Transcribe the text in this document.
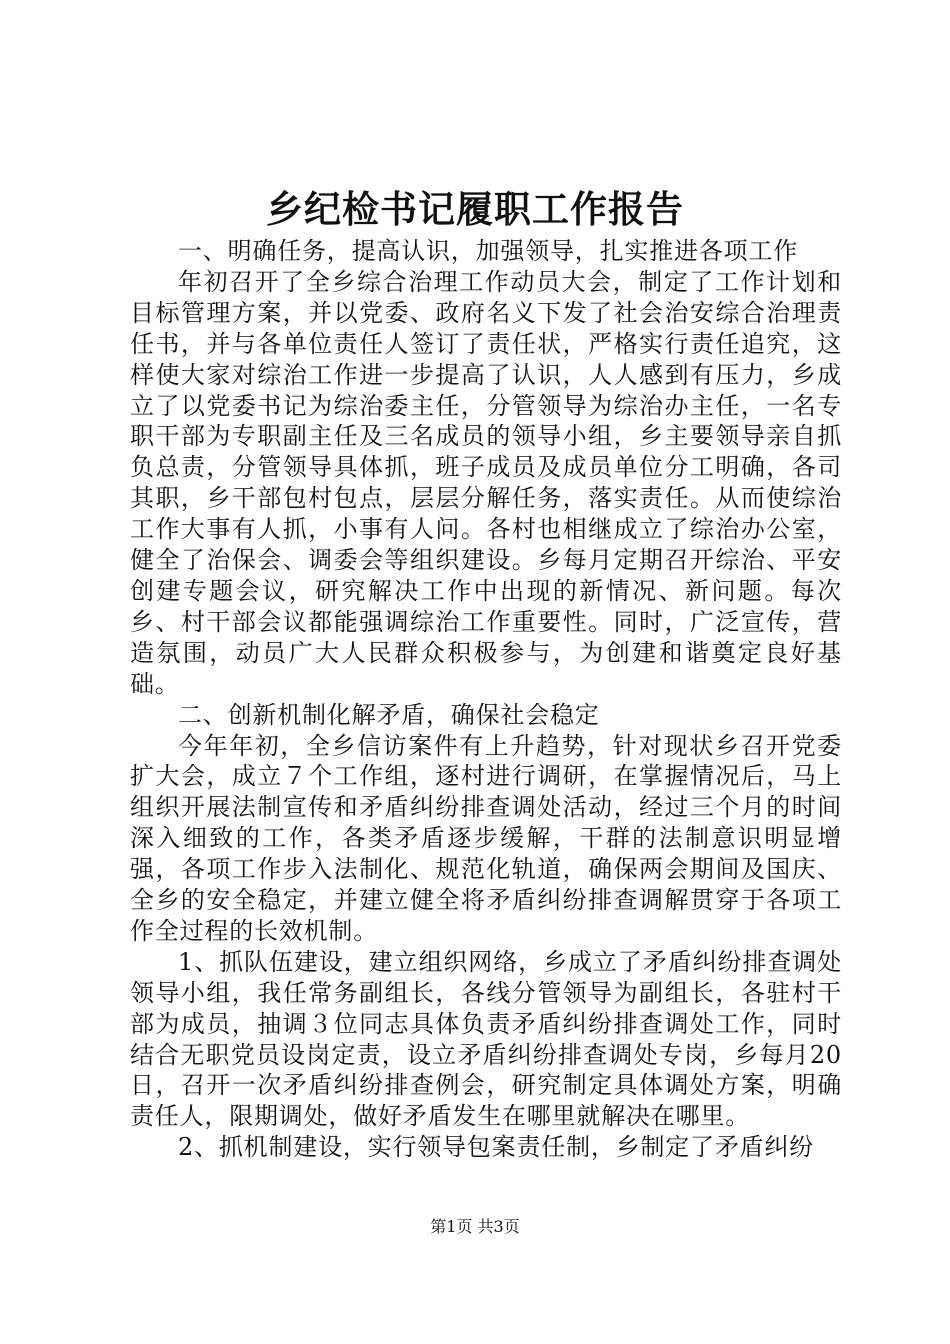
乡纪检书记履职工作报告

一、明确任务，提高认识，加强领导，扎实推进各项工作

年初召开了全乡综合治理工作动员大会，制定了工作计划和目标管理方案，并以党委、政府名义下发了社会治安综合治理责任书，并与各单位责任人签订了责任状，严格实行责任追究，这样使大家对综治工作进一步提高了认识，人人感到有压力，乡成立了以党委书记为综治委主任，分管领导为综治办主任，一名专职干部为专职副主任及三名成员的领导小组，乡主要领导亲自抓负总责，分管领导具体抓，班子成员及成员单位分工明确，各司其职，乡干部包村包点，层层分解任务，落实责任。从而使综治工作大事有人抓，小事有人问。各村也相继成立了综治办公室，健全了治保会、调委会等组织建设。乡每月定期召开综治、平安创建专题会议，研究解决工作中出现的新情况、新问题。每次乡、村干部会议都能强调综治工作重要性。同时，广泛宣传，营造氛围，动员广大人民群众积极参与，为创建和谐奠定良好基础。

二、创新机制化解矛盾，确保社会稳定

今年年初，全乡信访案件有上升趋势，针对现状乡召开党委扩大会，成立７个工作组，逐村进行调研，在掌握情况后，马上组织开展法制宣传和矛盾纠纷排查调处活动，经过三个月的时间深入细致的工作，各类矛盾逐步缓解，干群的法制意识明显增强，各项工作步入法制化、规范化轨道，确保两会期间及国庆、全乡的安全稳定，并建立健全将矛盾纠纷排查调解贯穿于各项工作全过程的长效机制。

1、抓队伍建设，建立组织网络，乡成立了矛盾纠纷排查调处领导小组，我任常务副组长，各线分管领导为副组长，各驻村干部为成员，抽调３位同志具体负责矛盾纠纷排查调处工作，同时结合无职党员设岗定责，设立矛盾纠纷排查调处专岗，乡每月20日，召开一次矛盾纠纷排查例会，研究制定具体调处方案，明确责任人，限期调处，做好矛盾发生在哪里就解决在哪里。

2、抓机制建设，实行领导包案责任制，乡制定了矛盾纠纷

第1页 共3页
